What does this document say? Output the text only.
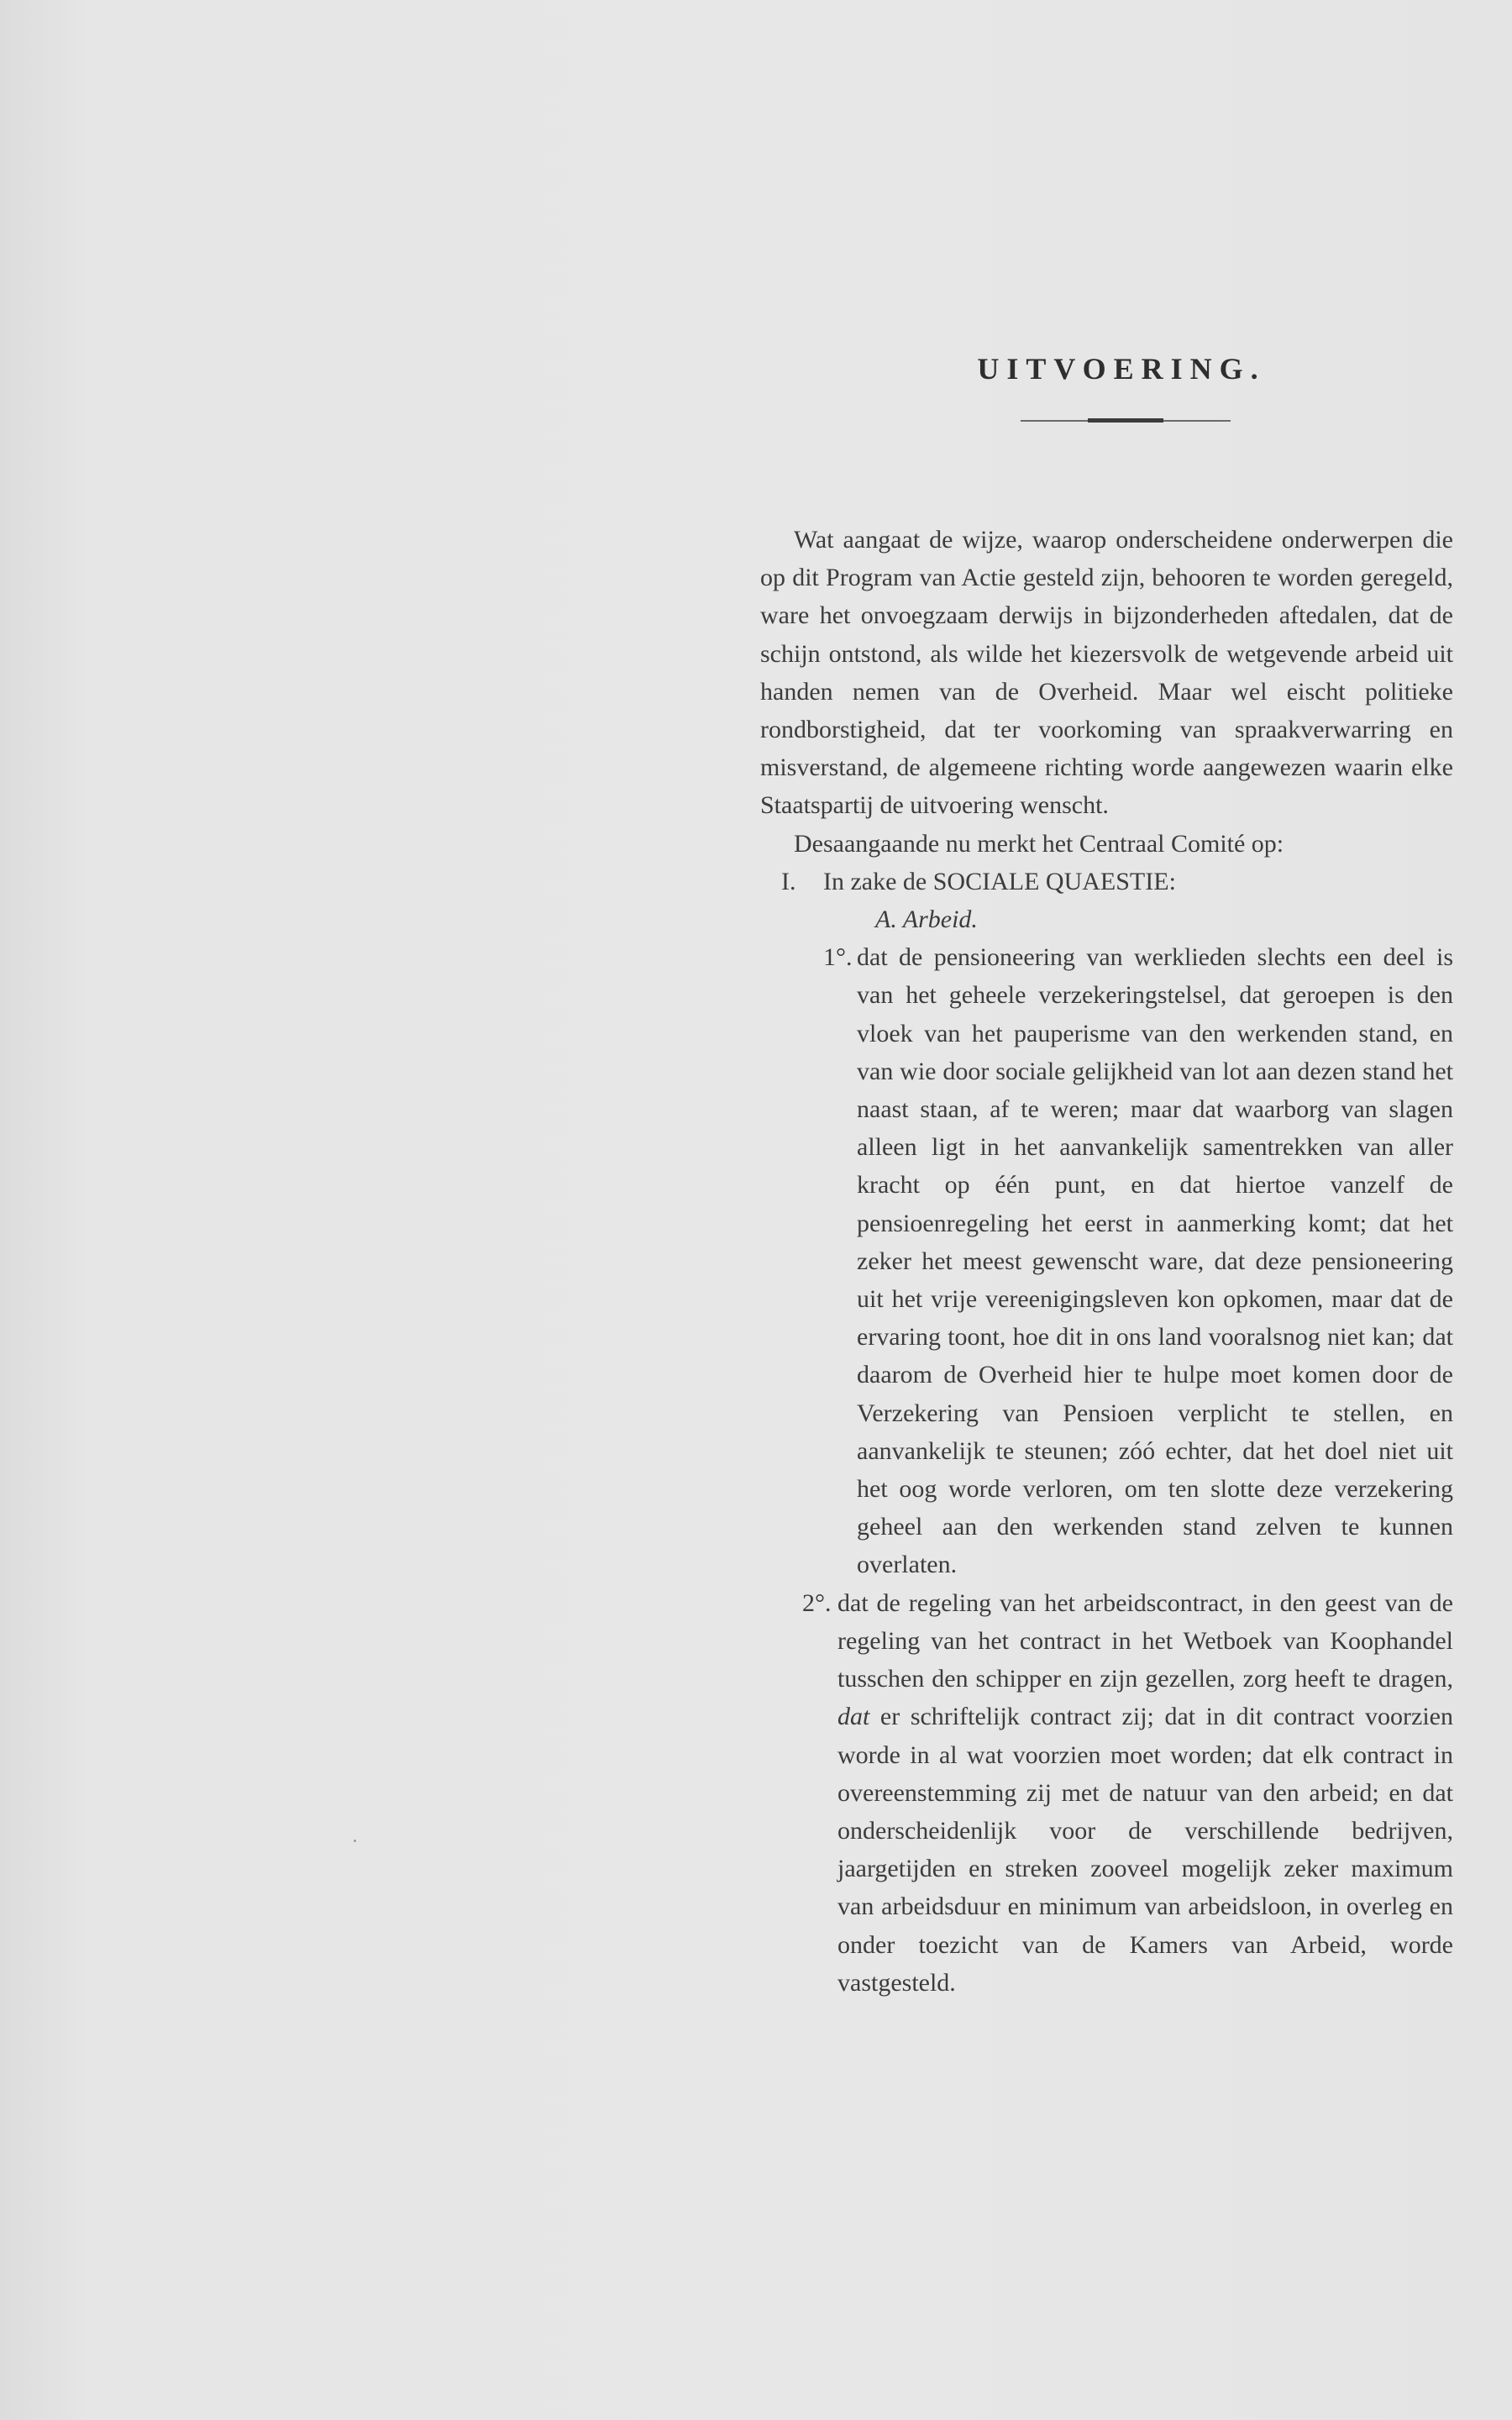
UITVOERING.

Wat aangaat de wijze, waarop onderscheidene onderwerpen die op dit Program van Actie gesteld zijn, behooren te worden geregeld, ware het onvoegzaam derwijs in bijzonderheden aftedalen, dat de schijn ontstond, als wilde het kiezersvolk de wetgevende arbeid uit handen nemen van de Overheid. Maar wel eischt politieke rondborstigheid, dat ter voorkoming van spraakverwarring en misverstand, de algemeene richting worde aangewezen waarin elke Staatspartij de uitvoering wenscht.

Desaangaande nu merkt het Centraal Comité op:

I.	In zake de SOCIALE QUAESTIE:

A. Arbeid.

1°. dat de pensioneering van werklieden slechts een deel is van het geheele verzekeringstelsel, dat geroepen is den vloek van het pauperisme van den werkenden stand, en van wie door sociale gelijkheid van lot aan dezen stand het naast staan, af te weren; maar dat waarborg van slagen alleen ligt in het aanvankelijk samentrekken van aller kracht op één punt, en dat hiertoe vanzelf de pensioenregeling het eerst in aanmerking komt; dat het zeker het meest gewenscht ware, dat deze pensioneering uit het vrije vereenigingsleven kon opkomen, maar dat de ervaring toont, hoe dit in ons land vooralsnog niet kan; dat daarom de Overheid hier te hulpe moet komen door de Verzekering van Pensioen verplicht te stellen, en aanvankelijk te steunen; zóó echter, dat het doel niet uit het oog worde verloren, om ten slotte deze verzekering geheel aan den werkenden stand zelven te kunnen overlaten.

2°. dat de regeling van het arbeidscontract, in den geest van de regeling van het contract in het Wetboek van Koophandel tusschen den schipper en zijn gezellen, zorg heeft te dragen, dat er schriftelijk contract zij; dat in dit contract voorzien worde in al wat voorzien moet worden; dat elk contract in overeenstemming zij met de natuur van den arbeid; en dat onderscheidenlijk voor de verschillende bedrijven, jaargetijden en streken zooveel mogelijk zeker maximum van arbeidsduur en minimum van arbeidsloon, in overleg en onder toezicht van de Kamers van Arbeid, worde vastgesteld.
